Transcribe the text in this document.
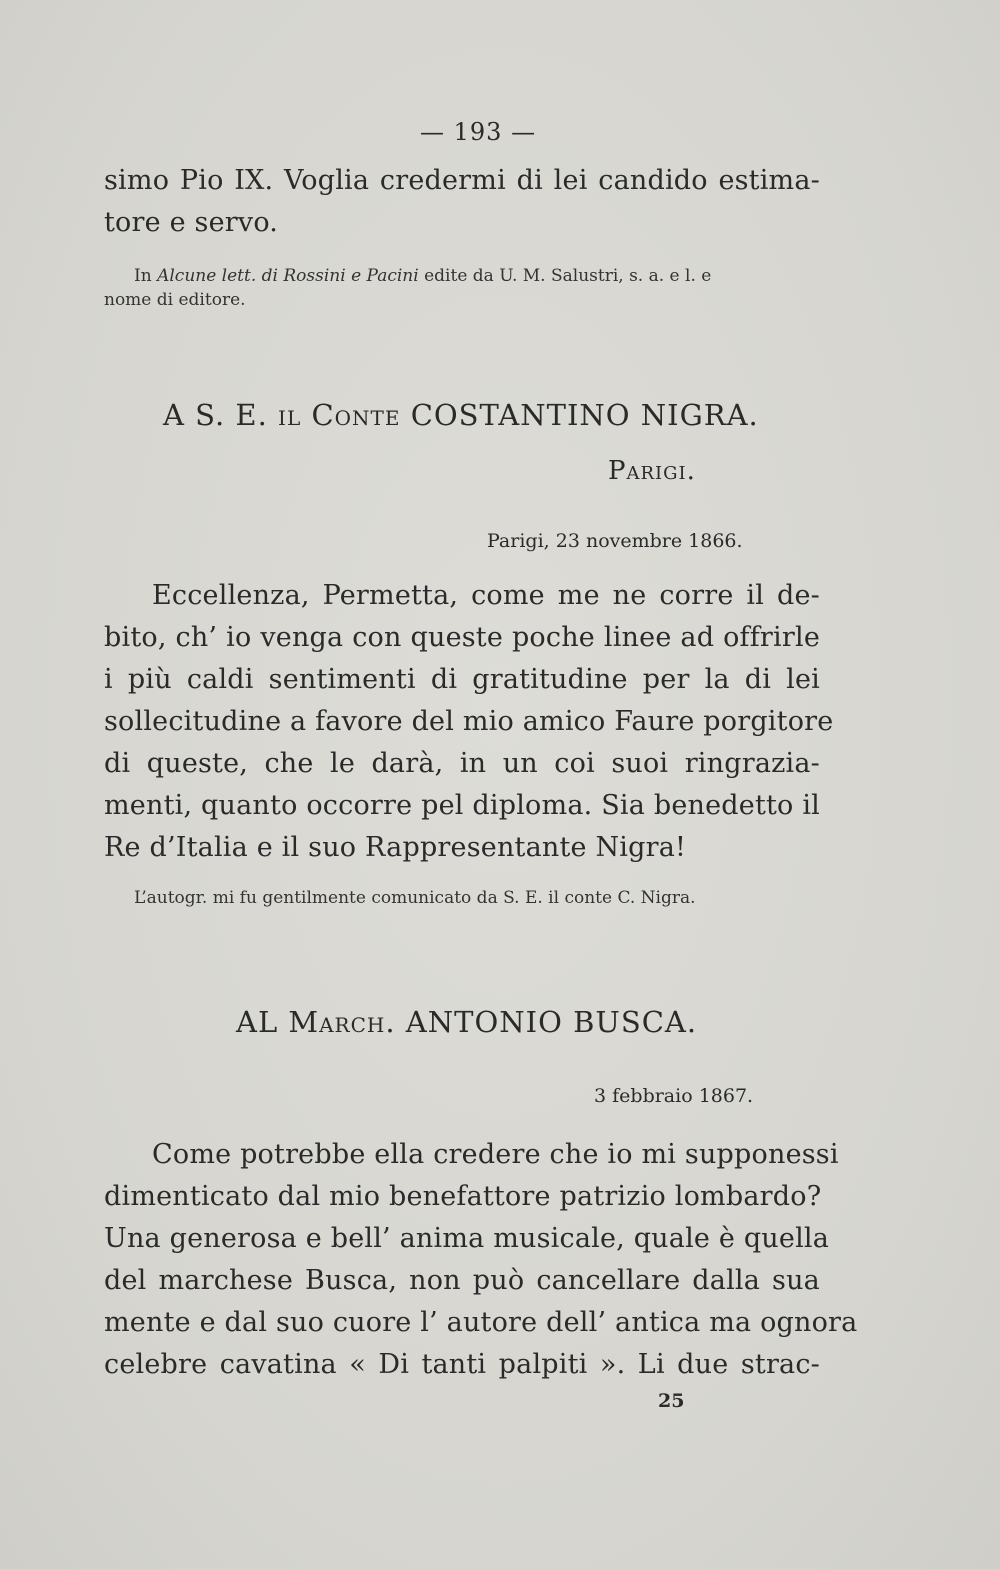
— 193 —
simo Pio IX. Voglia credermi di lei candido estima-
tore e servo.
In Alcune lett. di Rossini e Pacini edite da U. M. Salustri, s. a. e l. e
nome di editore.
A S. E. il Conte COSTANTINO NIGRA.
Parigi.
Parigi, 23 novembre 1866.
Eccellenza, Permetta, come me ne corre il de-
bito, ch’ io venga con queste poche linee ad offrirle
i più caldi sentimenti di gratitudine per la di lei
sollecitudine a favore del mio amico Faure porgitore
di queste, che le darà, in un coi suoi ringrazia-
menti, quanto occorre pel diploma. Sia benedetto il
Re d’Italia e il suo Rappresentante Nigra!
L’autogr. mi fu gentilmente comunicato da S. E. il conte C. Nigra.
AL March. ANTONIO BUSCA.
3 febbraio 1867.
Come potrebbe ella credere che io mi supponessi
dimenticato dal mio benefattore patrizio lombardo?
Una generosa e bell’ anima musicale, quale è quella
del marchese Busca, non può cancellare dalla sua
mente e dal suo cuore l’ autore dell’ antica ma ognora
celebre cavatina « Di tanti palpiti ». Li due strac-
25
